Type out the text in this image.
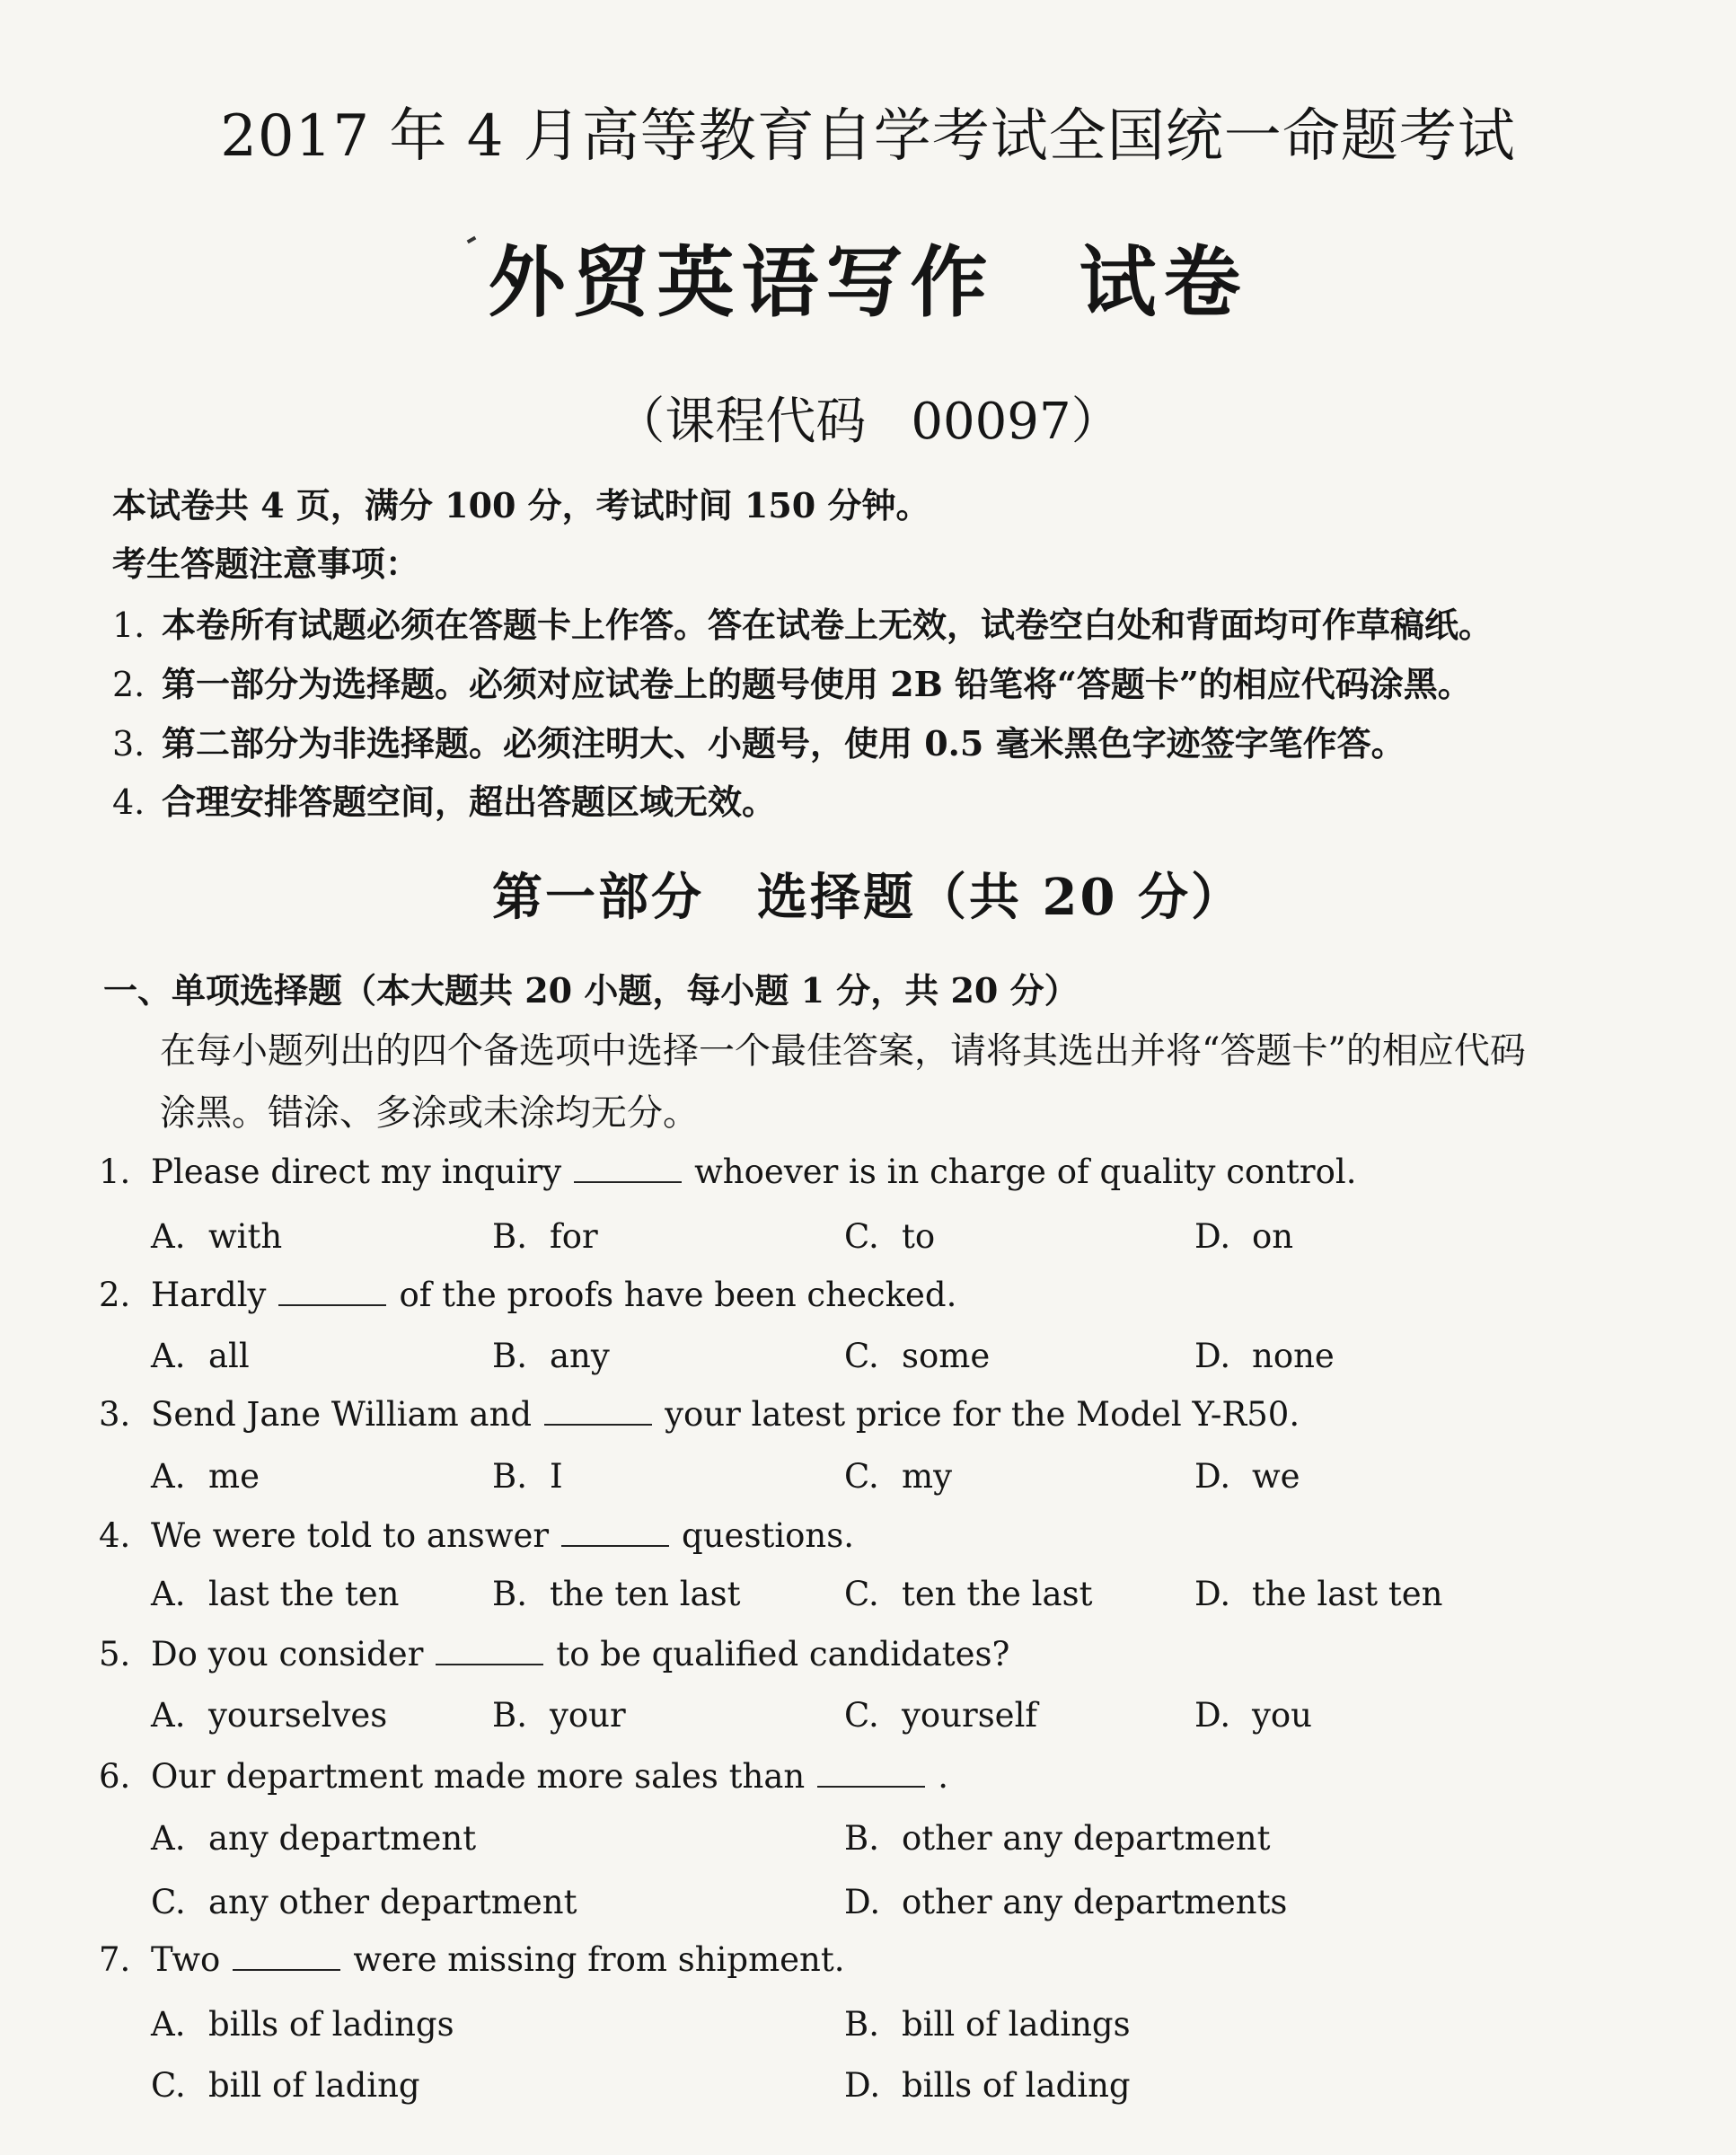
2017 年 4 月高等教育自学考试全国统一命题考试
外贸英语写作　试卷
（课程代码 00097）
本试卷共 4 页，满分 100 分，考试时间 150 分钟。
考生答题注意事项：
1. 本卷所有试题必须在答题卡上作答。答在试卷上无效，试卷空白处和背面均可作草稿纸。
2. 第一部分为选择题。必须对应试卷上的题号使用 2B 铅笔将“答题卡”的相应代码涂黑。
3. 第二部分为非选择题。必须注明大、小题号，使用 0.5 毫米黑色字迹签字笔作答。
4. 合理安排答题空间，超出答题区域无效。
第一部分　选择题（共 20 分）
一、单项选择题（本大题共 20 小题，每小题 1 分，共 20 分）
在每小题列出的四个备选项中选择一个最佳答案，请将其选出并将“答题卡”的相应代码
涂黑。错涂、多涂或未涂均无分。
1. Please direct my inquiry	whoever is in charge of quality control.
A. with	B. for	C. to	D. on
2. Hardly	of the proofs have been checked.
A. all	B. any	C. some	D. none
3. Send Jane William and	your latest price for the Model Y-R50.
A. me	B. I	C. my	D. we
4. We were told to answer	questions.
A. last the ten	B. the ten last	C. ten the last	D. the last ten
5. Do you consider	to be qualified candidates?
A. yourselves	B. your	C. yourself	D. you
6. Our department made more sales than	.
A. any department	B. other any department
C. any other department	D. other any departments
7. Two	were missing from shipment.
A. bills of ladings	B. bill of ladings
C. bill of lading	D. bills of lading
